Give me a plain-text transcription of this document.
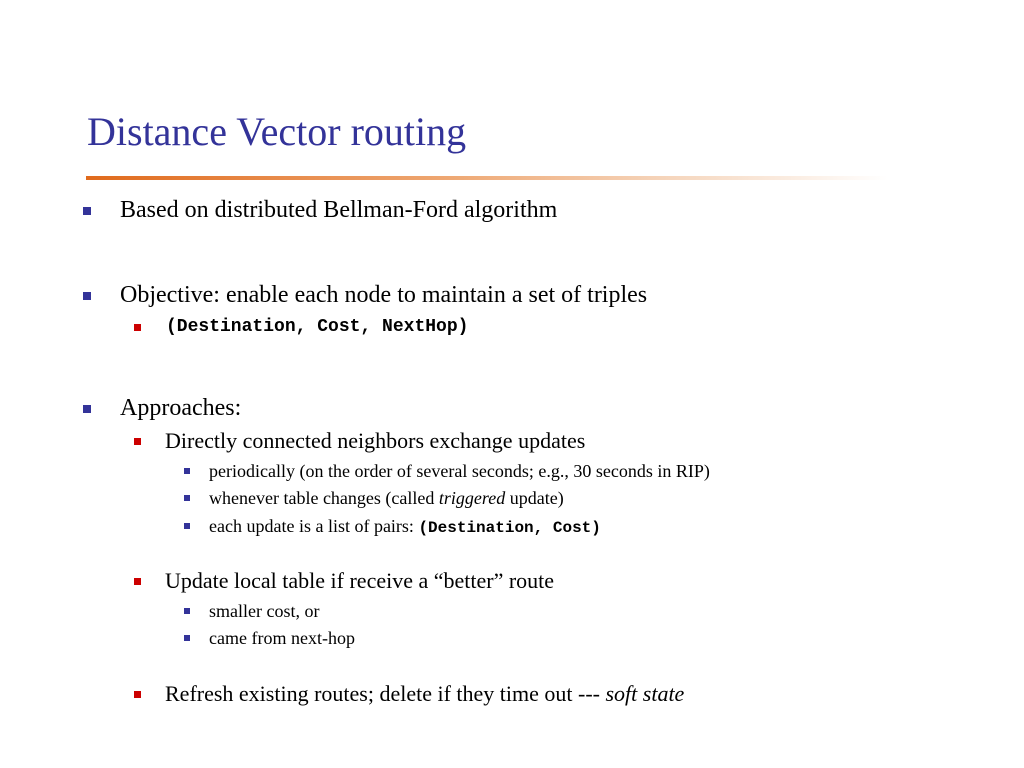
Distance Vector routing
Based on distributed Bellman-Ford algorithm
Objective: enable each node to maintain a set of triples
(Destination, Cost, NextHop)
Approaches:
Directly connected neighbors exchange updates
periodically (on the order of several seconds; e.g., 30 seconds in RIP)
whenever table changes (called triggered update)
each update is a list of pairs: (Destination, Cost)
Update local table if receive a “better” route
smaller cost, or
came from next-hop
Refresh existing routes; delete if they time out --- soft state
